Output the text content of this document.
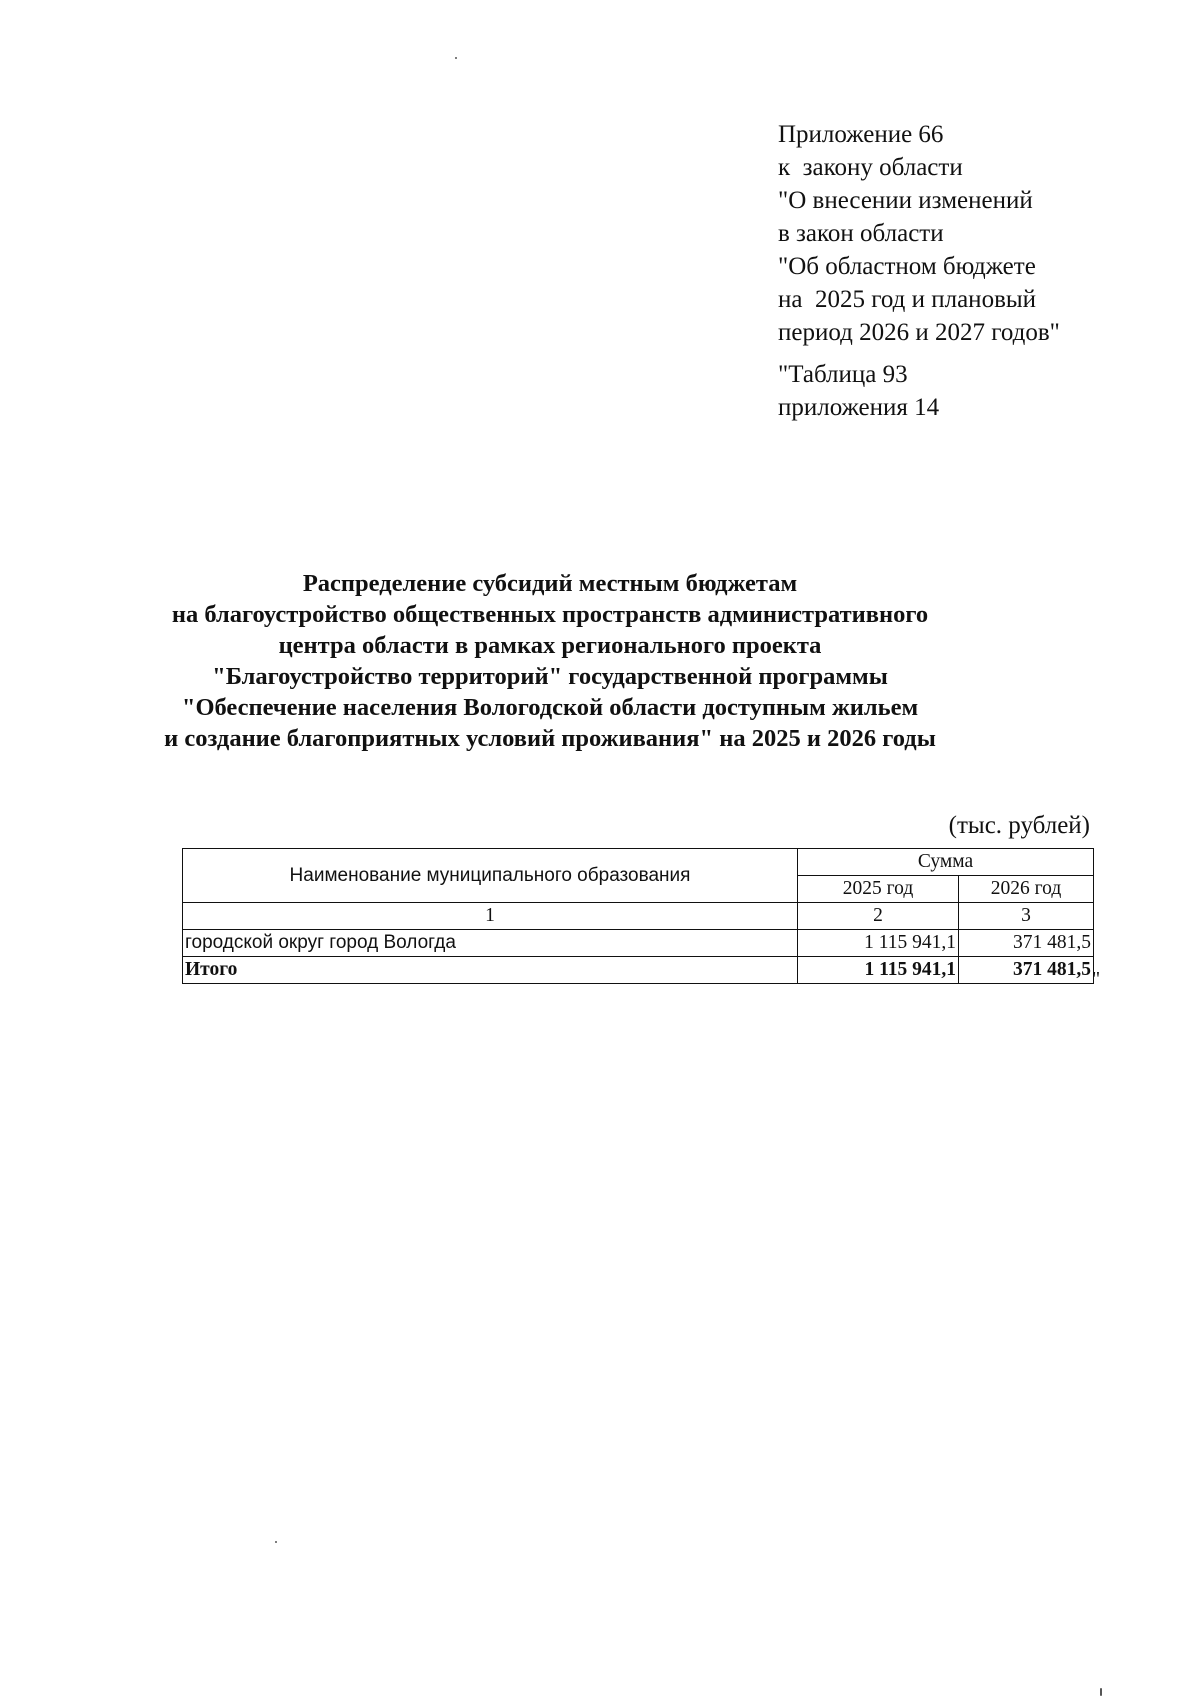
Приложение 66
к  закону области
"О внесении изменений
в закон области
"Об областном бюджете
на  2025 год и плановый
период 2026 и 2027 годов"
"Таблица 93
приложения 14
Распределение субсидий местным бюджетам
на благоустройство общественных пространств административного
центра области в рамках регионального проекта
"Благоустройство территорий" государственной программы
"Обеспечение населения Вологодской области доступным жильем
и создание благоприятных условий проживания" на 2025 и 2026 годы
(тыс. рублей)
Наименование муниципального образования	Сумма	
	2025 год	2026 год
1	2	3
городской округ город Вологда	1 115 941,1	371 481,5
Итого	1 115 941,1	371 481,5 "
